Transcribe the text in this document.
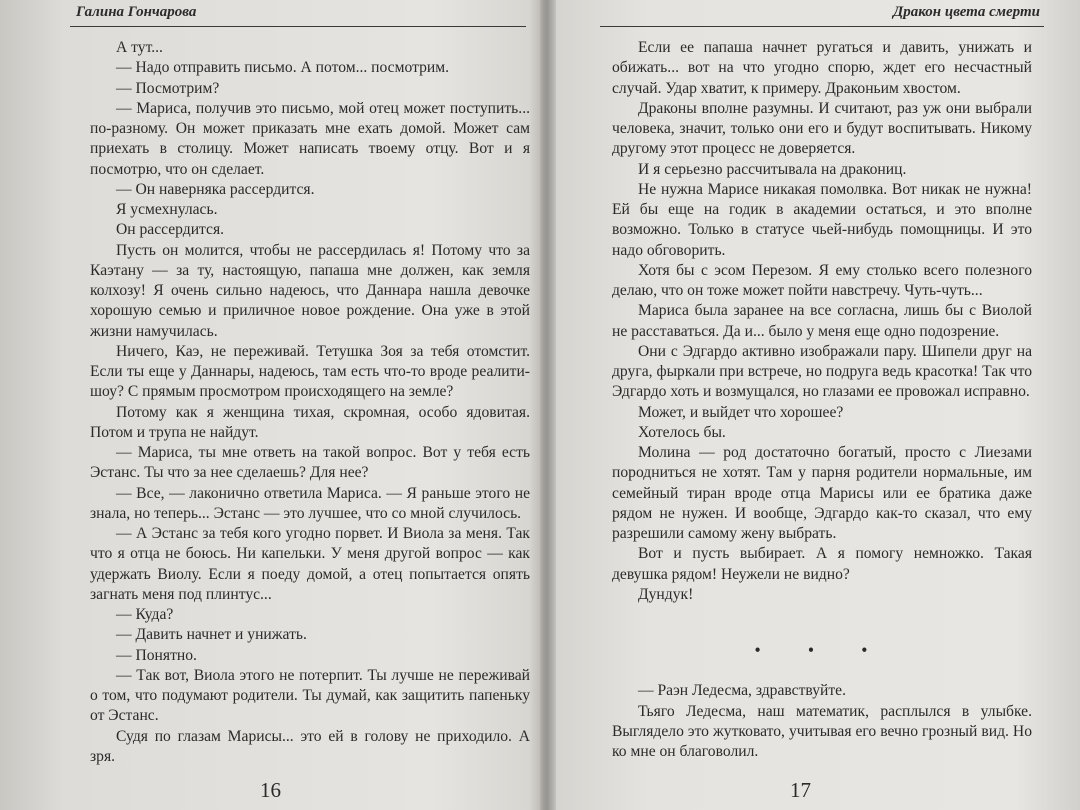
Галина Гончарова

А тут...

— Надо отправить письмо. А потом... посмотрим.

— Посмотрим?

— Мариса, получив это письмо, мой отец может поступить... по-разному. Он может приказать мне ехать домой. Может сам приехать в столицу. Может написать твоему отцу. Вот и я посмотрю, что он сделает.

— Он наверняка рассердится.

Я усмехнулась.

Он рассердится.

Пусть он молится, чтобы не рассердилась я! Потому что за Каэтану — за ту, настоящую, папаша мне должен, как земля колхозу! Я очень сильно надеюсь, что Даннара нашла девочке хорошую семью и приличное новое рождение. Она уже в этой жизни намучилась.

Ничего, Каэ, не переживай. Тетушка Зоя за тебя отомстит. Если ты еще у Даннары, надеюсь, там есть что-то вроде реалити-шоу? С прямым просмотром происходящего на земле?

Потому как я женщина тихая, скромная, особо ядовитая. Потом и трупа не найдут.

— Мариса, ты мне ответь на такой вопрос. Вот у тебя есть Эстанс. Ты что за нее сделаешь? Для нее?

— Все, — лаконично ответила Мариса. — Я раньше этого не знала, но теперь... Эстанс — это лучшее, что со мной случилось.

— А Эстанс за тебя кого угодно порвет. И Виола за меня. Так что я отца не боюсь. Ни капельки. У меня другой вопрос — как удержать Виолу. Если я поеду домой, а отец попытается опять загнать меня под плинтус...

— Куда?

— Давить начнет и унижать.

— Понятно.

— Так вот, Виола этого не потерпит. Ты лучше не переживай о том, что подумают родители. Ты думай, как защитить папеньку от Эстанс.

Судя по глазам Марисы... это ей в голову не приходило. А зря.

16
Дракон цвета смерти

Если ее папаша начнет ругаться и давить, унижать и обижать... вот на что угодно спорю, ждет его несчастный случай. Удар хватит, к примеру. Драконьим хвостом.

Драконы вполне разумны. И считают, раз уж они выбрали человека, значит, только они его и будут воспитывать. Никому другому этот процесс не доверяется.

И я серьезно рассчитывала на дракониц.

Не нужна Марисе никакая помолвка. Вот никак не нужна! Ей бы еще на годик в академии остаться, и это вполне возможно. Только в статусе чьей-нибудь помощницы. И это надо обговорить.

Хотя бы с эсом Перезом. Я ему столько всего полезного делаю, что он тоже может пойти навстречу. Чуть-чуть...

Мариса была заранее на все согласна, лишь бы с Виолой не расставаться. Да и... было у меня еще одно подозрение.

Они с Эдгардо активно изображали пару. Шипели друг на друга, фыркали при встрече, но подруга ведь красотка! Так что Эдгардо хоть и возмущался, но глазами ее провожал исправно.

Может, и выйдет что хорошее?

Хотелось бы.

Молина — род достаточно богатый, просто с Лиезами породниться не хотят. Там у парня родители нормальные, им семейный тиран вроде отца Марисы или ее братика даже рядом не нужен. И вообще, Эдгардо как-то сказал, что ему разрешили самому жену выбрать.

Вот и пусть выбирает. А я помогу немножко. Такая девушка рядом! Неужели не видно?

Дундук!

• • •

— Раэн Ледесма, здравствуйте.

Тьяго Ледесма, наш математик, расплылся в улыбке. Выглядело это жутковато, учитывая его вечно грозный вид. Но ко мне он благоволил.

17
